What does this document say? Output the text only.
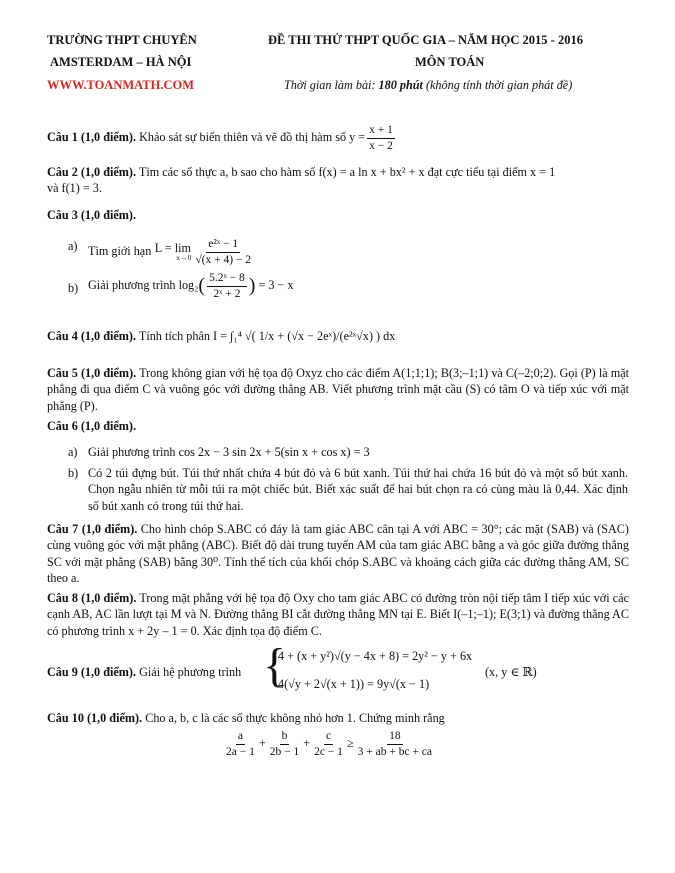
TRƯỜNG THPT CHUYÊN
AMSTERDAM – HÀ NỘI
WWW.TOANMATH.COM
ĐỀ THI THỬ THPT QUỐC GIA – NĂM HỌC 2015 - 2016
MÔN TOÁN
Thời gian làm bài: 180 phút (không tính thời gian phát đề)
Câu 1 (1,0 điểm). Khảo sát sự biến thiên và vẽ đồ thị hàm số $y = \frac{x + 1}{x - 2}$
Câu 2 (1,0 điểm). Tìm các số thực a, b sao cho hàm số f(x) = a ln x + bx² + x đạt cực tiểu tại điểm x = 1
và f(1) = 3.
Câu 3 (1,0 điểm).
a) Tìm giới hạn L = lim
$x\to 0 \frac{\text{e²ˣ − 1}}{√(x + 4) - 2}$
b) Giải phương trình $\log_2( \frac{\text{5.2ˣ − 8}}{\text{2ˣ + 2}}$ ) = 3 − x
Câu 4 (1,0 điểm). Tính tích phân I = ∫₁⁴ √( 1/x + (√x − 2eˣ)/(e²ˣ√x) ) dx
Câu 5 (1,0 điểm). Trong không gian với hệ tọa độ Oxyz cho các điểm A(1;1;1); B(3;–1;1) và C(–2;0;2). Gọi (P) là mặt phẳng đi qua điểm C và vuông góc với đường thẳng AB. Viết phương trình mặt cầu (S) có tâm O và tiếp xúc với mặt phẳng (P).
Câu 6 (1,0 điểm).
a) Giải phương trình cos 2x − 3 sin 2x + 5(sin x + cos x) = 3
b) Có 2 túi đựng bút. Túi thứ nhất chứa 4 bút đỏ và 6 bút xanh. Túi thứ hai chứa 16 bút đỏ và một số bút xanh. Chọn ngẫu nhiên từ mỗi túi ra một chiếc bút. Biết xác suất để hai bút chọn ra có cùng màu là 0,44. Xác định số bút xanh có trong túi thứ hai.
Câu 7 (1,0 điểm). Cho hình chóp S.ABC có đáy là tam giác ABC cân tại A với ABC = 30°; các mặt (SAB) và (SAC) cùng vuông góc với mặt phẳng (ABC). Biết độ dài trung tuyến AM của tam giác ABC bằng a và góc giữa đường thẳng SC với mặt phẳng (SAB) bằng 30⁰. Tính thể tích của khối chóp S.ABC và khoảng cách giữa các đường thẳng AM, SC theo a.
Câu 8 (1,0 điểm). Trong mặt phẳng với hệ tọa độ Oxy cho tam giác ABC có đường tròn nội tiếp tâm I tiếp xúc với các cạnh AB, AC lần lượt tại M và N. Đường thẳng BI cắt đường thẳng MN tại E. Biết I(–1;–1); E(3;1) và đường thẳng AC có phương trình x + 2y – 1 = 0. Xác định tọa độ điểm C.
Câu 9 (1,0 điểm). Giải hệ phương trình {
4 + (x + y²)√(y − 4x + 8) = 2y² − y + 6x
4(√y + 2√(x + 1)) = 9y√(x − 1)
(x, y ∈ ℝ)
Câu 10 (1,0 điểm). Cho a, b, c là các số thực không nhỏ hơn 1. Chứng minh rằng
$\frac{a}{2a - 1} + \frac{b}{2b - 1} + \frac{c}{2c - 1} \ge \frac{18}{3 + ab + bc + ca}$
